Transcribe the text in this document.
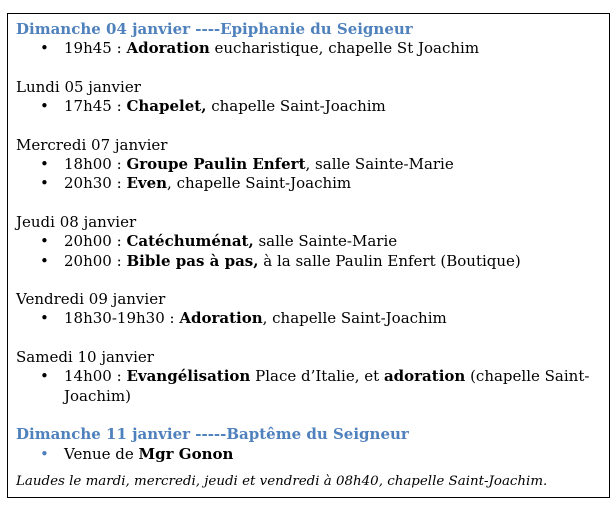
Dimanche 04 janvier ----Epiphanie du Seigneur

• 19h45 : Adoration eucharistique, chapelle St Joachim

Lundi 05 janvier

• 17h45 : Chapelet, chapelle Saint-Joachim

Mercredi 07 janvier

• 18h00 : Groupe Paulin Enfert, salle Sainte-Marie
• 20h30 : Even, chapelle Saint-Joachim

Jeudi 08 janvier

• 20h00 : Catéchuménat, salle Sainte-Marie
• 20h00 : Bible pas à pas, à la salle Paulin Enfert (Boutique)

Vendredi 09 janvier

• 18h30-19h30 : Adoration, chapelle Saint-Joachim

Samedi 10 janvier

• 14h00 : Evangélisation Place d’Italie, et adoration (chapelle Saint-Joachim)

Dimanche 11 janvier -----Baptême du Seigneur

• Venue de Mgr Gonon

Laudes le mardi, mercredi, jeudi et vendredi à 08h40, chapelle Saint-Joachim.
